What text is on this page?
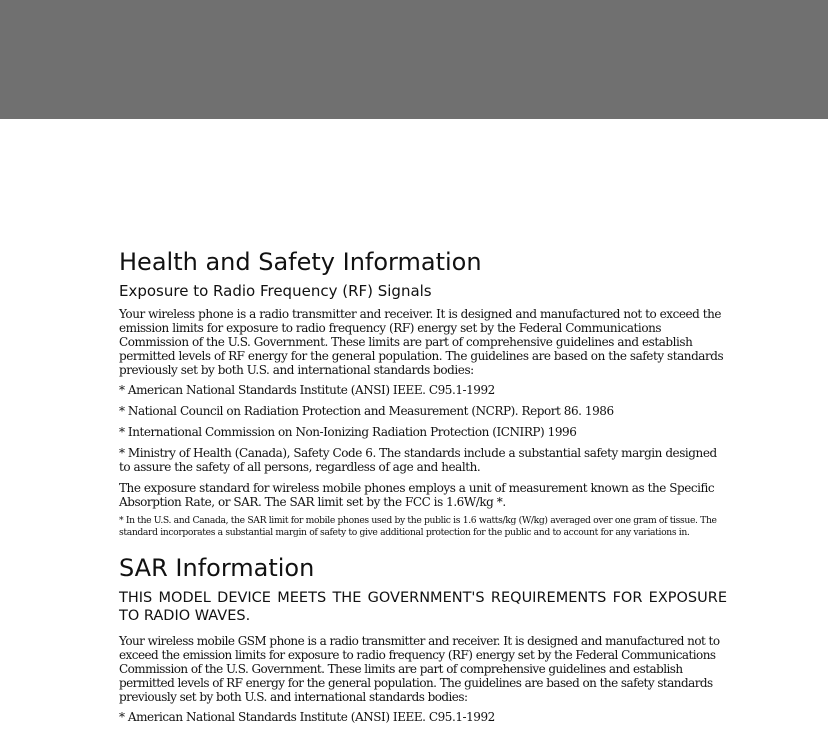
Health and Safety Information
Exposure to Radio Frequency (RF) Signals

Your wireless phone is a radio transmitter and receiver. It is designed and manufactured not to exceed the emission limits for exposure to radio frequency (RF) energy set by the Federal Communications Commission of the U.S. Government. These limits are part of comprehensive guidelines and establish permitted levels of RF energy for the general population. The guidelines are based on the safety standards previously set by both U.S. and international standards bodies:

* American National Standards Institute (ANSI) IEEE. C95.1-1992

* National Council on Radiation Protection and Measurement (NCRP). Report 86. 1986

* International Commission on Non-Ionizing Radiation Protection (ICNIRP) 1996

* Ministry of Health (Canada), Safety Code 6. The standards include a substantial safety margin designed to assure the safety of all persons, regardless of age and health.

The exposure standard for wireless mobile phones employs a unit of measurement known as the Specific Absorption Rate, or SAR. The SAR limit set by the FCC is 1.6W/kg *.

* In the U.S. and Canada, the SAR limit for mobile phones used by the public is 1.6 watts/kg (W/kg) averaged over one gram of tissue. The standard incorporates a substantial margin of safety to give additional protection for the public and to account for any variations in.

SAR Information
THIS MODEL DEVICE MEETS THE GOVERNMENT'S REQUIREMENTS FOR EXPOSURE TO RADIO WAVES.

Your wireless mobile GSM phone is a radio transmitter and receiver. It is designed and manufactured not to exceed the emission limits for exposure to radio frequency (RF) energy set by the Federal Communications Commission of the U.S. Government. These limits are part of comprehensive guidelines and establish permitted levels of RF energy for the general population. The guidelines are based on the safety standards previously set by both U.S. and international standards bodies:

* American National Standards Institute (ANSI) IEEE. C95.1-1992
